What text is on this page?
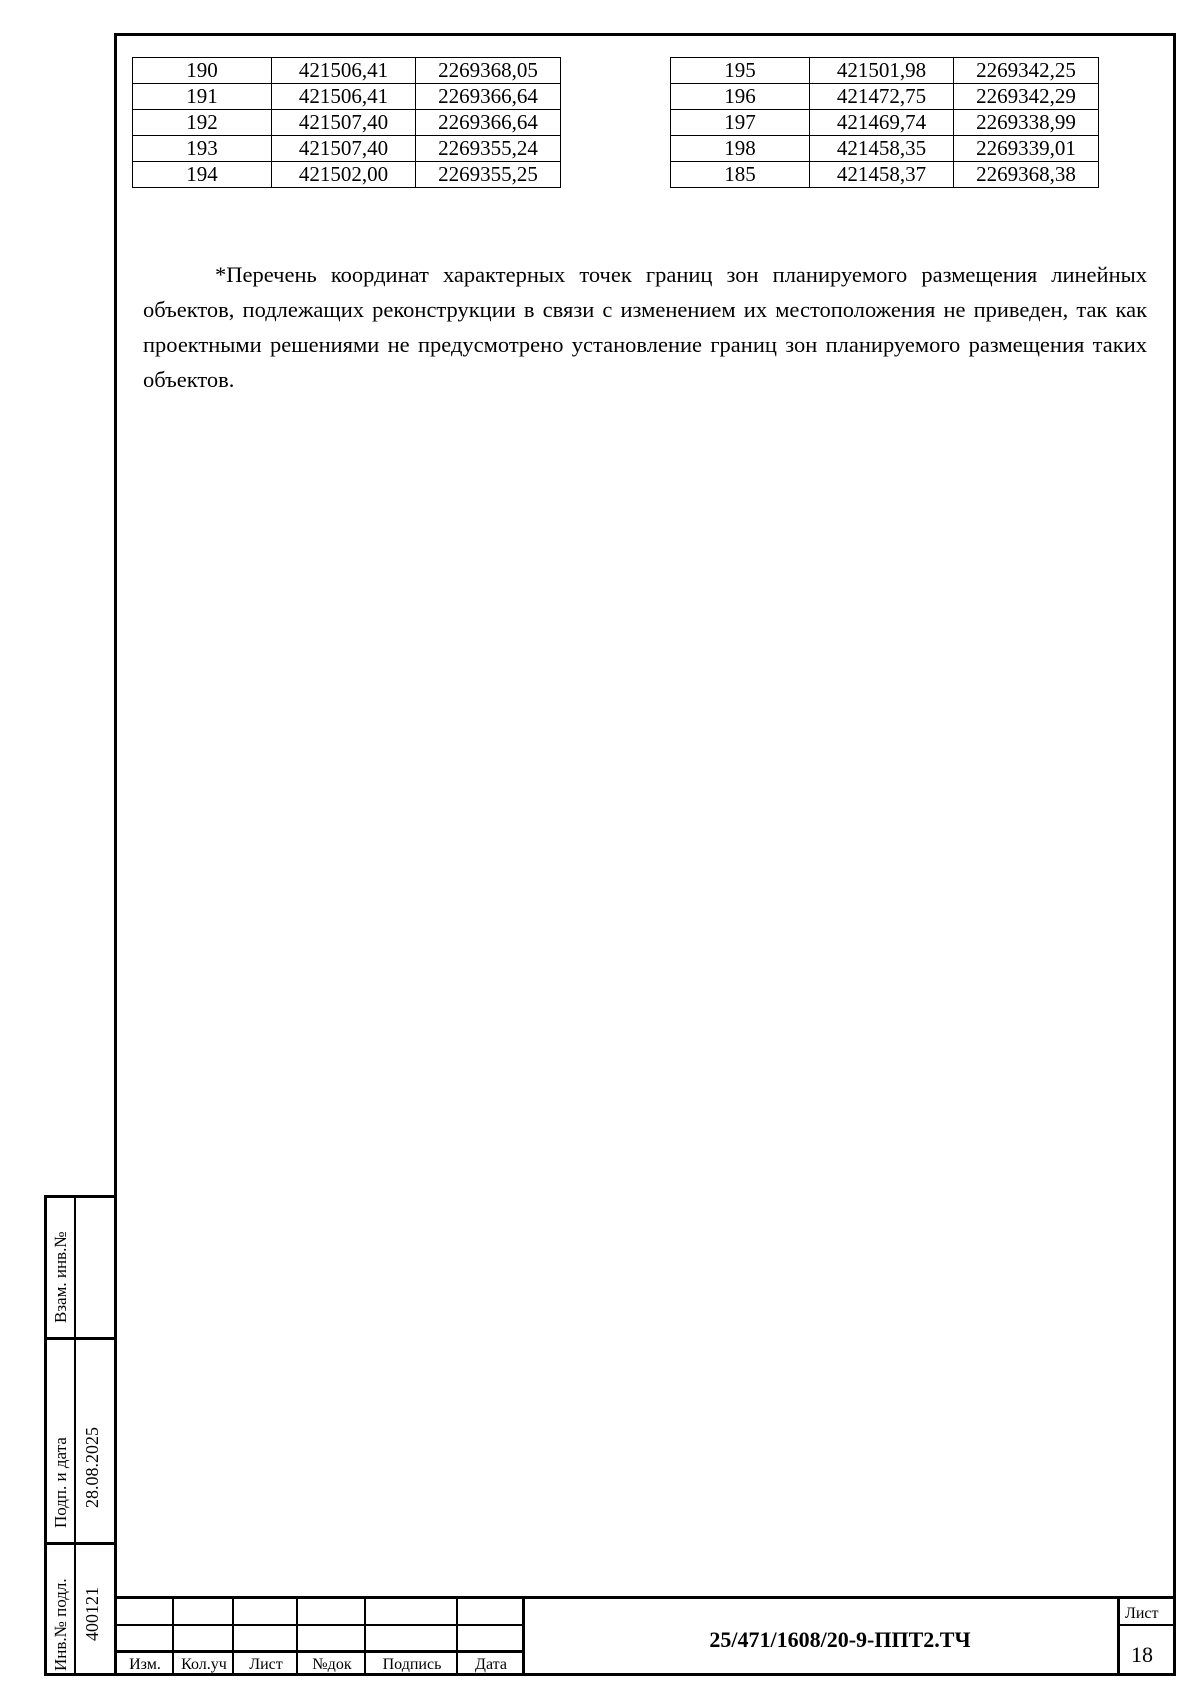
190	421506,41	2269368,05
191	421506,41	2269366,64
192	421507,40	2269366,64
193	421507,40	2269355,24
194	421502,00	2269355,25
195	421501,98	2269342,25
196	421472,75	2269342,29
197	421469,74	2269338,99
198	421458,35	2269339,01
185	421458,37	2269368,38

*Перечень координат характерных точек границ зон планируемого размещения линейных объектов, подлежащих реконструкции в связи с изменением их местоположения не приведен, так как проектными решениями не предусмотрено установление границ зон планируемого размещения таких объектов.

Взам. инв.№
Подп. и дата 28.08.2025
Инв.№ подл. 400121
Изм.	Кол.уч	Лист	№док	Подпись	Дата
25/471/1608/20-9-ППТ2.ТЧ
Лист
18
